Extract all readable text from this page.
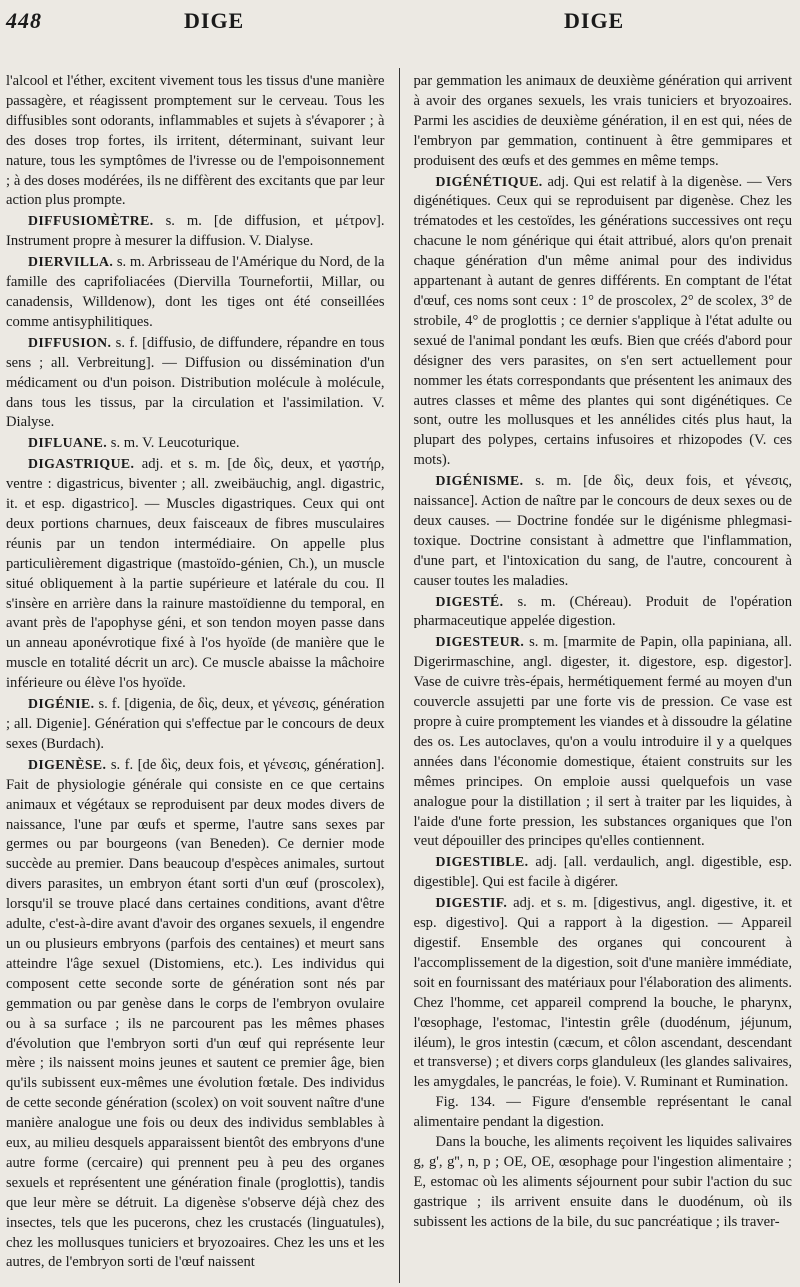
448	DIGE	DIGE

l'alcool et l'éther, excitent vivement tous les tissus d'une manière passagère, et réagissent promptement sur le cerveau. Tous les diffusibles sont odorants, inflammables et sujets à s'évaporer ; à des doses trop fortes, ils irritent, déterminant, suivant leur nature, tous les symptômes de l'ivresse ou de l'empoisonnement ; à des doses modérées, ils ne diffèrent des excitants que par leur action plus prompte.

DIFFUSIOMÈTRE. s. m. [de diffusion, et μέτρον]. Instrument propre à mesurer la diffusion. V. Dialyse.

DIERVILLA. s. m. Arbrisseau de l'Amérique du Nord, de la famille des caprifoliacées (Diervilla Tournefortii, Millar, ou canadensis, Willdenow), dont les tiges ont été conseillées comme antisyphilitiques.

DIFFUSION. s. f. [diffusio, de diffundere, répandre en tous sens ; all. Verbreitung]. — Diffusion ou dissémination d'un médicament ou d'un poison. Distribution molécule à molécule, dans tous les tissus, par la circulation et l'assimilation. V. Dialyse.

DIFLUANE. s. m. V. Leucoturique.

DIGASTRIQUE. adj. et s. m. [de δὶς, deux, et γαστήρ, ventre : digastricus, biventer ; all. zweibäuchig, angl. digastric, it. et esp. digastrico]. — Muscles digastriques. Ceux qui ont deux portions charnues, deux faisceaux de fibres musculaires réunis par un tendon intermédiaire. On appelle plus particulièrement digastrique (mastoïdo-génien, Ch.), un muscle situé obliquement à la partie supérieure et latérale du cou. Il s'insère en arrière dans la rainure mastoïdienne du temporal, en avant près de l'apophyse géni, et son tendon moyen passe dans un anneau aponévrotique fixé à l'os hyoïde (de manière que le muscle en totalité décrit un arc). Ce muscle abaisse la mâchoire inférieure ou élève l'os hyoïde.

DIGÉNIE. s. f. [digenia, de δὶς, deux, et γένεσις, génération ; all. Digenie]. Génération qui s'effectue par le concours de deux sexes (Burdach).

DIGENÈSE. s. f. [de δὶς, deux fois, et γένεσις, génération]. Fait de physiologie générale qui consiste en ce que certains animaux et végétaux se reproduisent par deux modes divers de naissance, l'une par œufs et sperme, l'autre sans sexes par germes ou par bourgeons (van Beneden). Ce dernier mode succède au premier. Dans beaucoup d'espèces animales, surtout divers parasites, un embryon étant sorti d'un œuf (proscolex), lorsqu'il se trouve placé dans certaines conditions, avant d'être adulte, c'est-à-dire avant d'avoir des organes sexuels, il engendre un ou plusieurs embryons (parfois des centaines) et meurt sans atteindre l'âge sexuel (Distomiens, etc.). Les individus qui composent cette seconde sorte de génération sont nés par gemmation ou par genèse dans le corps de l'embryon ovulaire ou à sa surface ; ils ne parcourent pas les mêmes phases d'évolution que l'embryon sorti d'un œuf qui représente leur mère ; ils naissent moins jeunes et sautent ce premier âge, bien qu'ils subissent eux-mêmes une évolution fœtale. Des individus de cette seconde génération (scolex) on voit souvent naître d'une manière analogue une fois ou deux des individus semblables à eux, au milieu desquels apparaissent bientôt des embryons d'une autre forme (cercaire) qui prennent peu à peu des organes sexuels et représentent une génération finale (proglottis), tandis que leur mère se détruit. La digenèse s'observe déjà chez des insectes, tels que les pucerons, chez les crustacés (linguatules), chez les mollusques tuniciers et bryozoaires. Chez les uns et les autres, de l'embryon sorti de l'œuf naissent

par gemmation les animaux de deuxième génération qui arrivent à avoir des organes sexuels, les vrais tuniciers et bryozoaires. Parmi les ascidies de deuxième génération, il en est qui, nées de l'embryon par gemmation, continuent à être gemmipares et produisent des œufs et des gemmes en même temps.

DIGÉNÉTIQUE. adj. Qui est relatif à la digenèse. — Vers digénétiques. Ceux qui se reproduisent par digenèse. Chez les trématodes et les cestoïdes, les générations successives ont reçu chacune le nom générique qui était attribué, alors qu'on prenait chaque génération d'un même animal pour des individus appartenant à autant de genres différents. En comptant de l'état d'œuf, ces noms sont ceux : 1° de proscolex, 2° de scolex, 3° de strobile, 4° de proglottis ; ce dernier s'applique à l'état adulte ou sexué de l'animal pondant les œufs. Bien que créés d'abord pour désigner des vers parasites, on s'en sert actuellement pour nommer les états correspondants que présentent les animaux des autres classes et même des plantes qui sont digénétiques. Ce sont, outre les mollusques et les annélides cités plus haut, la plupart des polypes, certains infusoires et rhizopodes (V. ces mots).

DIGÉNISME. s. m. [de δὶς, deux fois, et γένεσις, naissance]. Action de naître par le concours de deux sexes ou de deux causes. — Doctrine fondée sur le digénisme phlegmasi-toxique. Doctrine consistant à admettre que l'inflammation, d'une part, et l'intoxication du sang, de l'autre, concourent à causer toutes les maladies.

DIGESTÉ. s. m. (Chéreau). Produit de l'opération pharmaceutique appelée digestion.

DIGESTEUR. s. m. [marmite de Papin, olla papiniana, all. Digerirmaschine, angl. digester, it. digestore, esp. digestor]. Vase de cuivre très-épais, hermétiquement fermé au moyen d'un couvercle assujetti par une forte vis de pression. Ce vase est propre à cuire promptement les viandes et à dissoudre la gélatine des os. Les autoclaves, qu'on a voulu introduire il y a quelques années dans l'économie domestique, étaient construits sur les mêmes principes. On emploie aussi quelquefois un vase analogue pour la distillation ; il sert à traiter par les liquides, à l'aide d'une forte pression, les substances organiques que l'on veut dépouiller des principes qu'elles contiennent.

DIGESTIBLE. adj. [all. verdaulich, angl. digestible, esp. digestible]. Qui est facile à digérer.

DIGESTIF. adj. et s. m. [digestivus, angl. digestive, it. et esp. digestivo]. Qui a rapport à la digestion. — Appareil digestif. Ensemble des organes qui concourent à l'accomplissement de la digestion, soit d'une manière immédiate, soit en fournissant des matériaux pour l'élaboration des aliments. Chez l'homme, cet appareil comprend la bouche, le pharynx, l'œsophage, l'estomac, l'intestin grêle (duodénum, jéjunum, iléum), le gros intestin (cæcum, et côlon ascendant, descendant et transverse) ; et divers corps glanduleux (les glandes salivaires, les amygdales, le pancréas, le foie). V. Ruminant et Rumination.

Fig. 134. — Figure d'ensemble représentant le canal alimentaire pendant la digestion.

Dans la bouche, les aliments reçoivent les liquides salivaires g, g', g'', n, p ; OE, OE, œsophage pour l'ingestion alimentaire ; E, estomac où les aliments séjournent pour subir l'action du suc gastrique ; ils arrivent ensuite dans le duodénum, où ils subissent les actions de la bile, du suc pancréatique ; ils traver-
